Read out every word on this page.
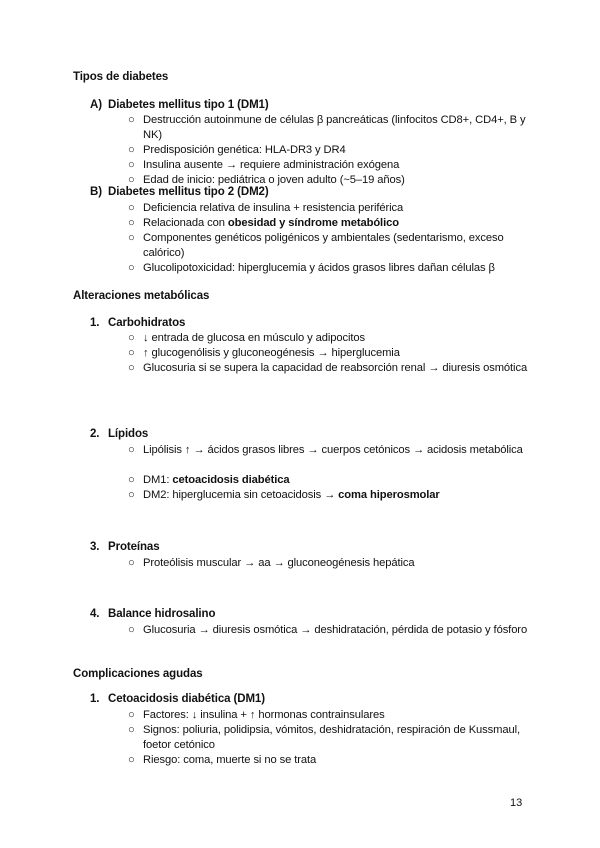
Tipos de diabetes
A) Diabetes mellitus tipo 1 (DM1)
○ Destrucción autoinmune de células β pancreáticas (linfocitos CD8+, CD4+, B y NK)
○ Predisposición genética: HLA-DR3 y DR4
○ Insulina ausente → requiere administración exógena
○ Edad de inicio: pediátrica o joven adulto (~5–19 años)
B) Diabetes mellitus tipo 2 (DM2)
○ Deficiencia relativa de insulina + resistencia periférica
○ Relacionada con obesidad y síndrome metabólico
○ Componentes genéticos poligénicos y ambientales (sedentarismo, exceso calórico)
○ Glucolipotoxicidad: hiperglucemia y ácidos grasos libres dañan células β
Alteraciones metabólicas
1. Carbohidratos
○ ↓ entrada de glucosa en músculo y adipocitos
○ ↑ glucogenólisis y gluconeogénesis → hiperglucemia
○ Glucosuria si se supera la capacidad de reabsorción renal → diuresis osmótica
2. Lípidos
○ Lipólisis ↑ → ácidos grasos libres → cuerpos cetónicos → acidosis metabólica
○ DM1: cetoacidosis diabética
○ DM2: hiperglucemia sin cetoacidosis → coma hiperosmolar
3. Proteínas
○ Proteólisis muscular → aa → gluconeogénesis hepática
4. Balance hidrosalino
○ Glucosuria → diuresis osmótica → deshidratación, pérdida de potasio y fósforo
Complicaciones agudas
1. Cetoacidosis diabética (DM1)
○ Factores: ↓ insulina + ↑ hormonas contrainsulares
○ Signos: poliuria, polidipsia, vómitos, deshidratación, respiración de Kussmaul, foetor cetónico
○ Riesgo: coma, muerte si no se trata
13
